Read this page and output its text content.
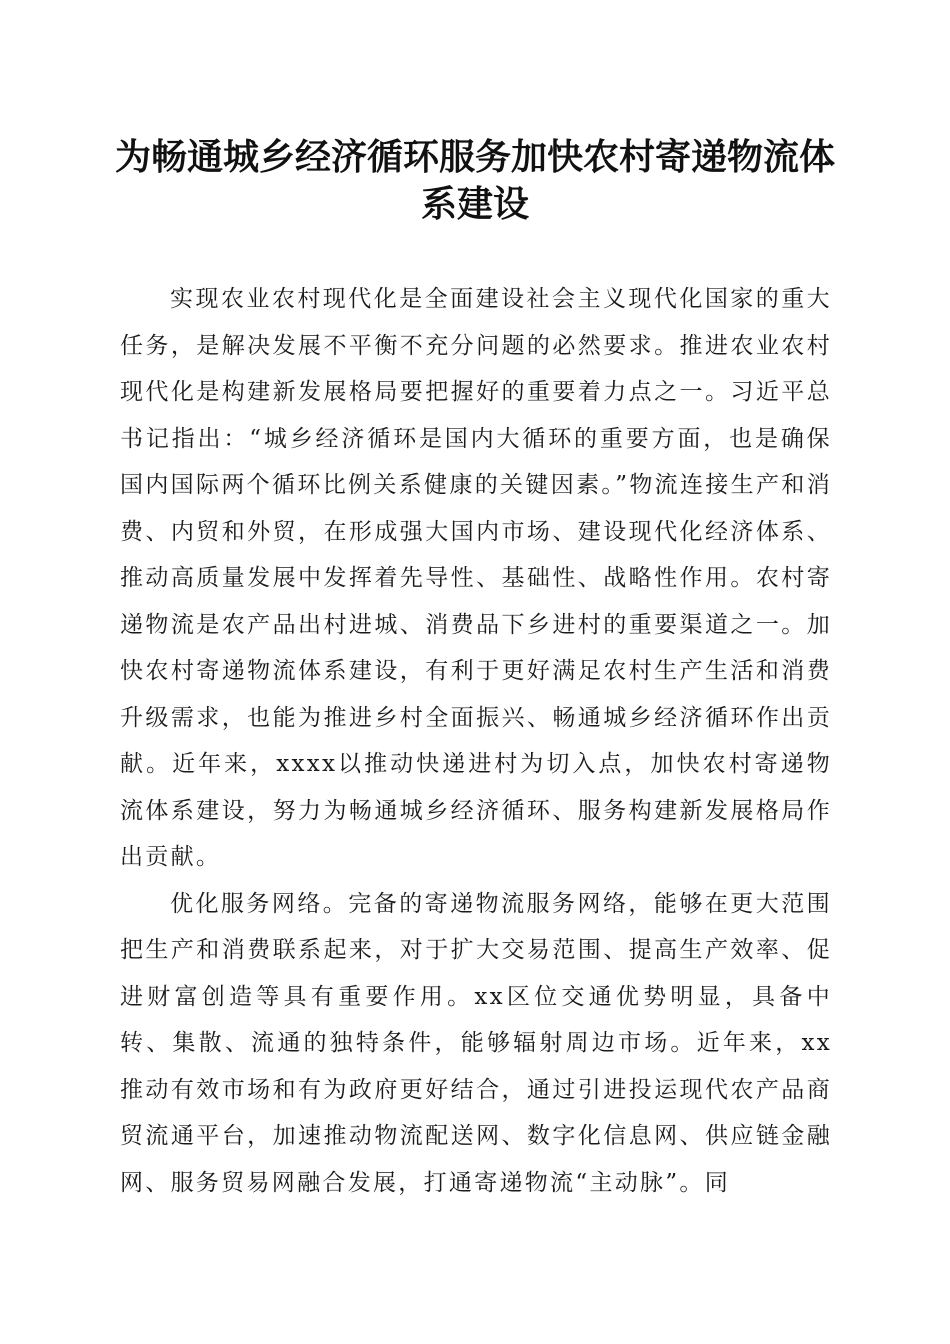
为畅通城乡经济循环服务加快农村寄递物流体系建设

实现农业农村现代化是全面建设社会主义现代化国家的重大任务，是解决发展不平衡不充分问题的必然要求。推进农业农村现代化是构建新发展格局要把握好的重要着力点之一。习近平总书记指出：“城乡经济循环是国内大循环的重要方面，也是确保国内国际两个循环比例关系健康的关键因素。”物流连接生产和消费、内贸和外贸，在形成强大国内市场、建设现代化经济体系、推动高质量发展中发挥着先导性、基础性、战略性作用。农村寄递物流是农产品出村进城、消费品下乡进村的重要渠道之一。加快农村寄递物流体系建设，有利于更好满足农村生产生活和消费升级需求，也能为推进乡村全面振兴、畅通城乡经济循环作出贡献。近年来，xxxx以推动快递进村为切入点，加快农村寄递物流体系建设，努力为畅通城乡经济循环、服务构建新发展格局作出贡献。

优化服务网络。完备的寄递物流服务网络，能够在更大范围把生产和消费联系起来，对于扩大交易范围、提高生产效率、促进财富创造等具有重要作用。xx区位交通优势明显，具备中转、集散、流通的独特条件，能够辐射周边市场。近年来，xx推动有效市场和有为政府更好结合，通过引进投运现代农产品商贸流通平台，加速推动物流配送网、数字化信息网、供应链金融网、服务贸易网融合发展，打通寄递物流“主动脉”。同
